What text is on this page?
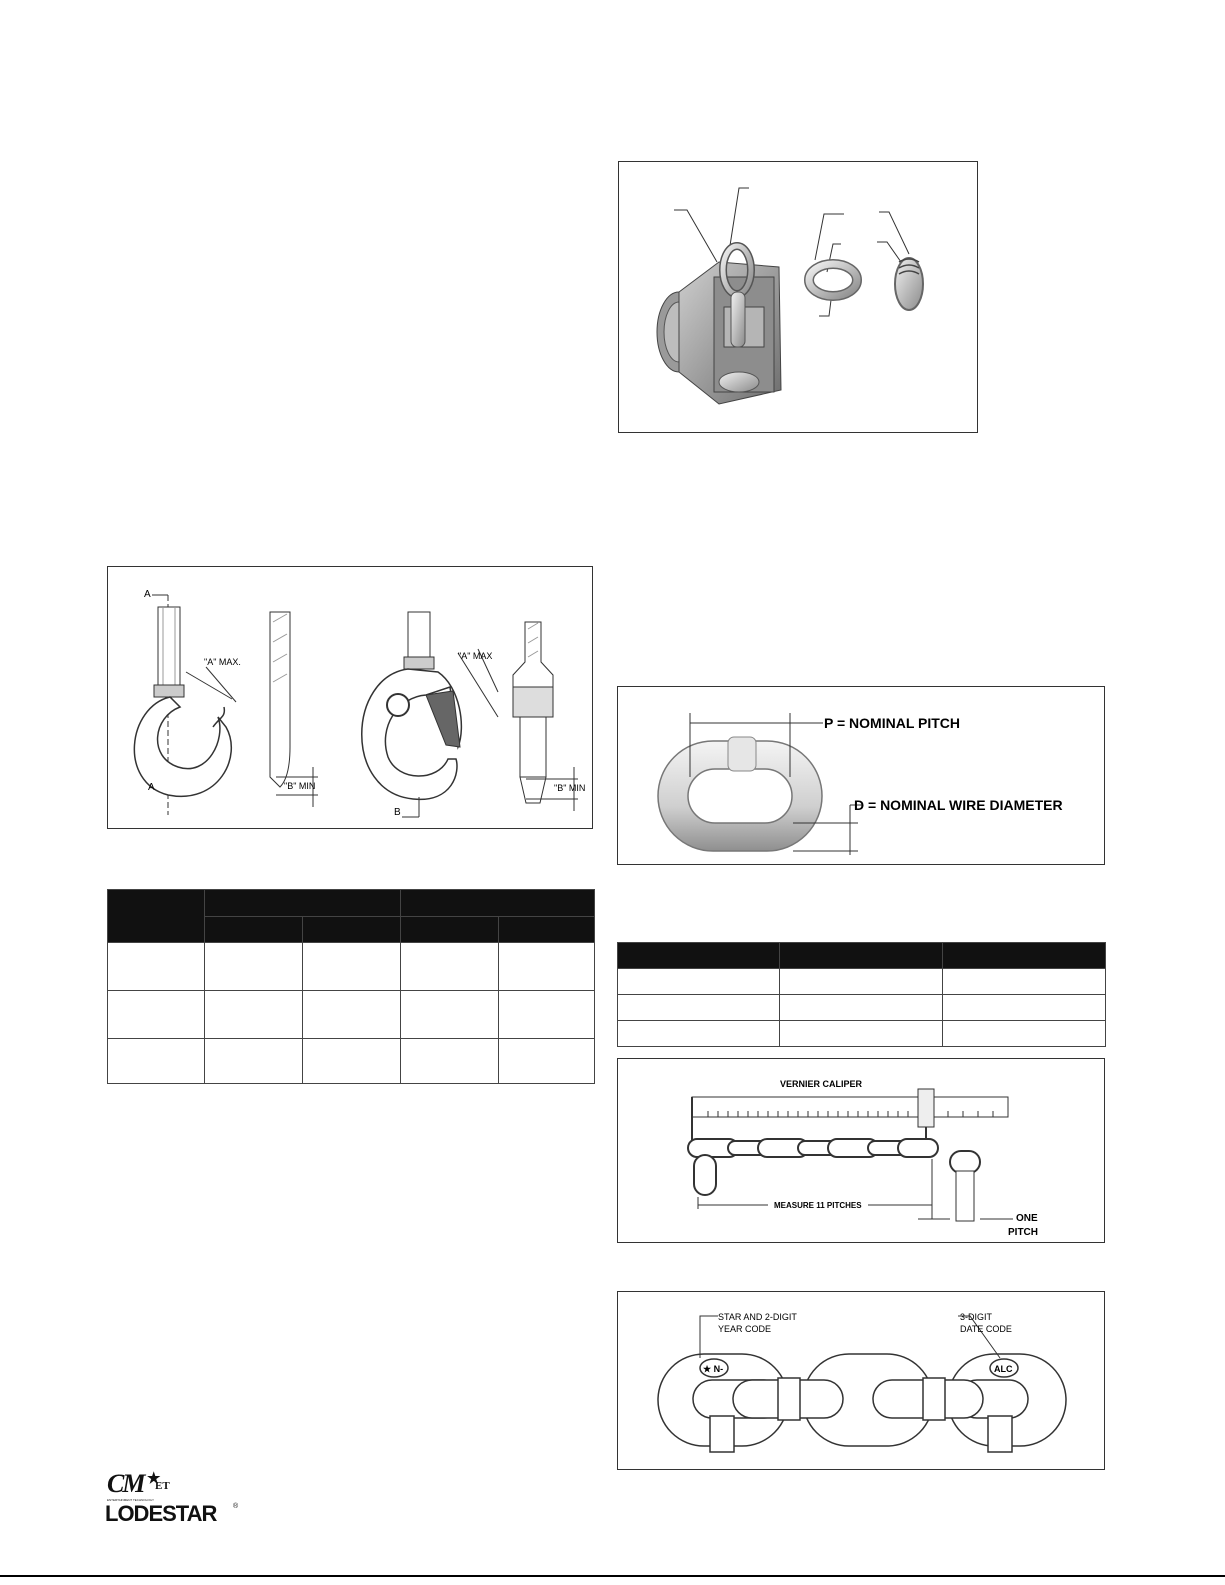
A
A
"A" MAX.
"B" MIN
"A" MAX
"B" MIN
B

P = NOMINAL PITCH
D = NOMINAL WIRE DIAMETER

VERNIER CALIPER
MEASURE 11 PITCHES
ONE
PITCH
STAR AND 2-DIGIT
YEAR CODE
3-DIGIT
DATE CODE
★ N-	ALC
CM ★
ET
ENTERTAINMENT TECHNOLOGY
LODESTAR ®
